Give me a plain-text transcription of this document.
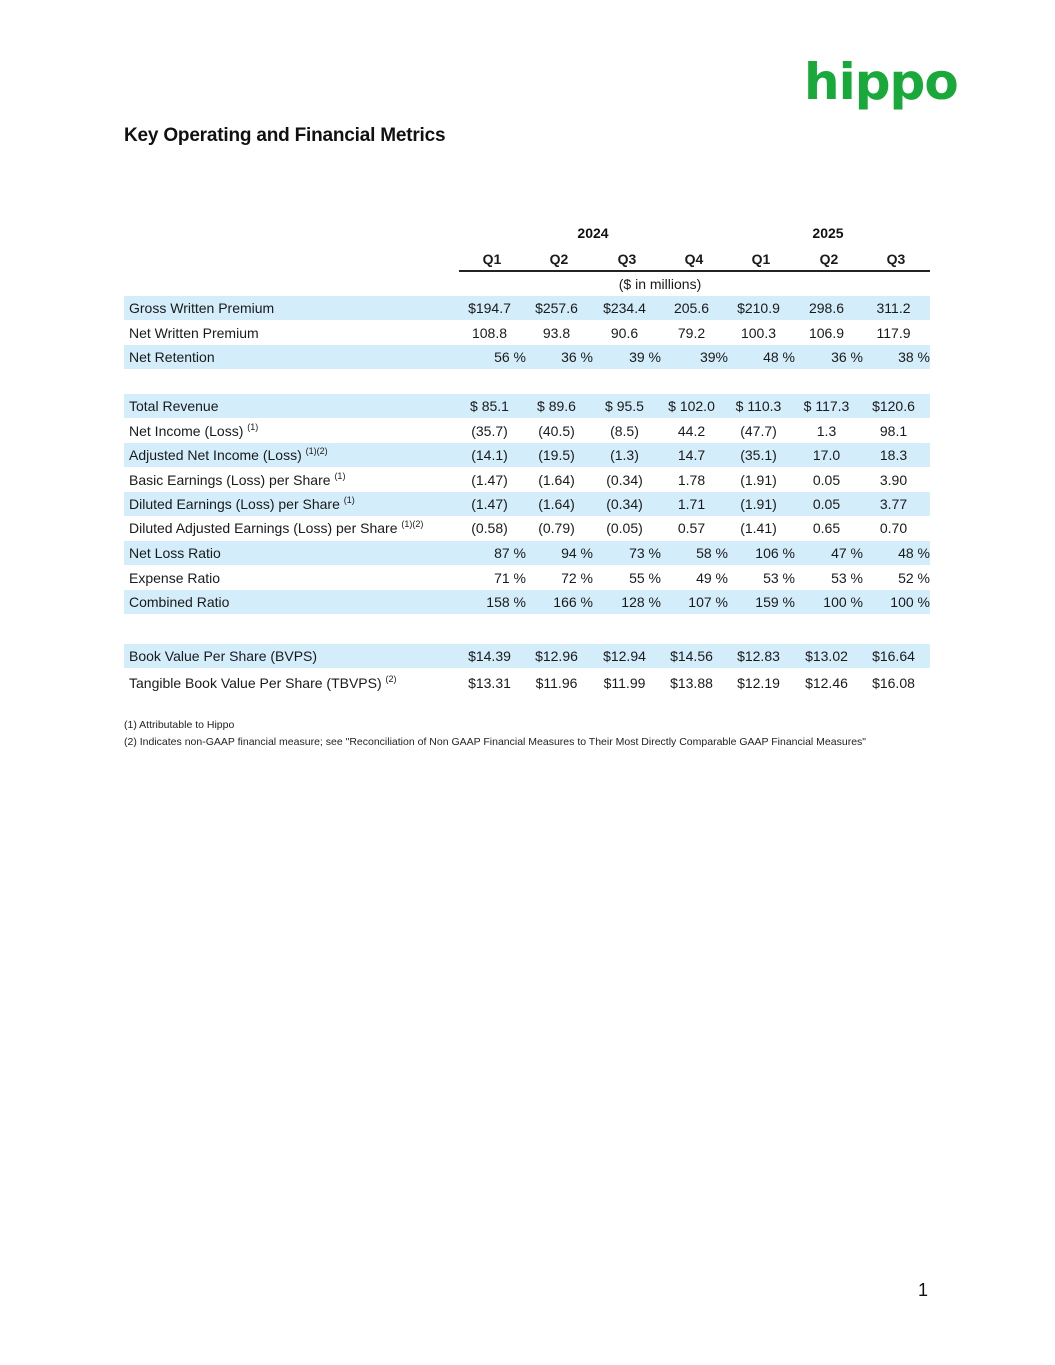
hippo
Key Operating and Financial Metrics
2024	2025
Q1	Q2	Q3	Q4	Q1	Q2	Q3
($ in millions)
Gross Written Premium	$194.7	$257.6	$234.4	205.6	$210.9	298.6	311.2
Net Written Premium	108.8	93.8	90.6	79.2	100.3	106.9	117.9
Net Retention	56 %	36 %	39 %	39%	48 %	36 %	38 %
Total Revenue	$ 85.1	$ 89.6	$ 95.5	$ 102.0	$ 110.3	$ 117.3	$120.6
Net Income (Loss) $^{(1)}$	(35.7)	(40.5)	(8.5)	44.2	(47.7)	1.3	98.1
Adjusted Net Income (Loss) $^{(1)(2)}$	(14.1)	(19.5)	(1.3)	14.7	(35.1)	17.0	18.3
Basic Earnings (Loss) per Share $^{(1)}$	(1.47)	(1.64)	(0.34)	1.78	(1.91)	0.05	3.90
Diluted Earnings (Loss) per Share $^{(1)}$	(1.47)	(1.64)	(0.34)	1.71	(1.91)	0.05	3.77
Diluted Adjusted Earnings (Loss) per Share $^{(1)(2)}$	(0.58)	(0.79)	(0.05)	0.57	(1.41)	0.65	0.70
Net Loss Ratio	87 %	94 %	73 %	58 %	106 %	47 %	48 %
Expense Ratio	71 %	72 %	55 %	49 %	53 %	53 %	52 %
Combined Ratio	158 %	166 %	128 %	107 %	159 %	100 %	100 %
Book Value Per Share (BVPS)	$14.39	$12.96	$12.94	$14.56	$12.83	$13.02	$16.64
Tangible Book Value Per Share (TBVPS) $^{(2)}$	$13.31	$11.96	$11.99	$13.88	$12.19	$12.46	$16.08
(1) Attributable to Hippo
(2) Indicates non-GAAP financial measure; see "Reconciliation of Non GAAP Financial Measures to Their Most Directly Comparable GAAP Financial Measures"
1
